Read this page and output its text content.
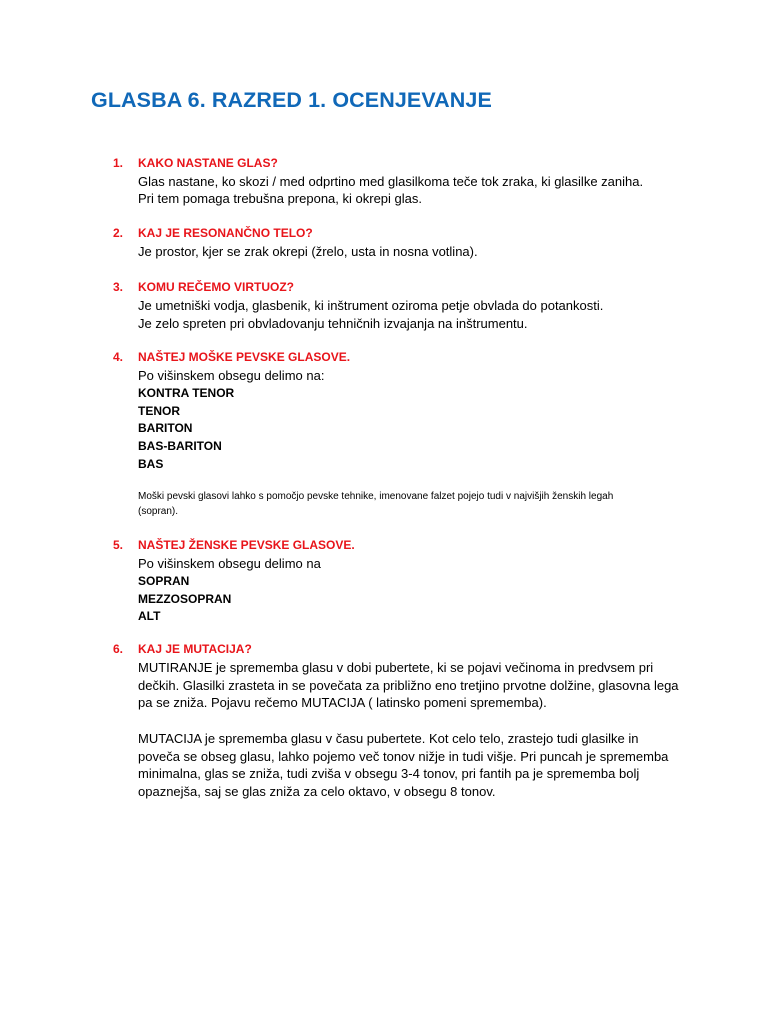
GLASBA 6. RAZRED 1. OCENJEVANJE
1. KAKO NASTANE GLAS?
Glas nastane, ko skozi / med odprtino med glasilkoma teče tok zraka, ki glasilke zaniha.
Pri tem pomaga trebušna prepona, ki okrepi glas.
2. KAJ JE RESONANČNO TELO?
Je prostor, kjer se zrak okrepi (žrelo, usta in nosna votlina).
3. KOMU REČEMO VIRTUOZ?
Je umetniški vodja, glasbenik, ki inštrument oziroma petje obvlada do potankosti.
Je zelo spreten pri obvladovanju tehničnih izvajanja na inštrumentu.
4. NAŠTEJ MOŠKE PEVSKE GLASOVE.
Po višinskem obsegu delimo na:
KONTRA TENOR
TENOR
BARITON
BAS-BARITON
BAS
Moški pevski glasovi lahko s pomočjo pevske tehnike, imenovane falzet pojejo tudi v najvišjih ženskih legah
(sopran).
5. NAŠTEJ ŽENSKE PEVSKE GLASOVE.
Po višinskem obsegu delimo na
SOPRAN
MEZZOSOPRAN
ALT
6. KAJ JE MUTACIJA?
MUTIRANJE je sprememba glasu v dobi pubertete, ki se pojavi večinoma in predvsem pri
dečkih. Glasilki zrasteta in se povečata za približno eno tretjino prvotne dolžine, glasovna lega
pa se zniža. Pojavu rečemo MUTACIJA ( latinsko pomeni sprememba).
MUTACIJA je sprememba glasu v času pubertete. Kot celo telo, zrastejo tudi glasilke in
poveča se obseg glasu, lahko pojemo več tonov nižje in tudi višje. Pri puncah je sprememba
minimalna, glas se zniža, tudi zviša v obsegu 3-4 tonov, pri fantih pa je sprememba bolj
opaznejša, saj se glas zniža za celo oktavo, v obsegu 8 tonov.
